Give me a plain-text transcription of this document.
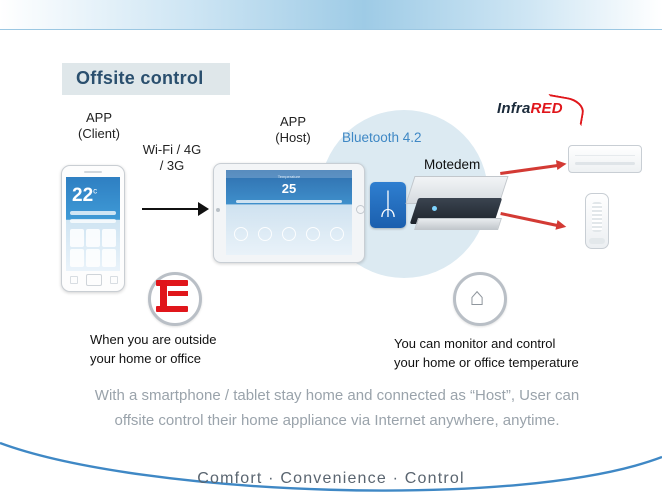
Offsite control
APP
(Client)
APP
(Host)
Wi-Fi / 4G
/ 3G
Bluetooth 4.2
Motedem
InfraRED
22$^c$
Temperature
25	ᛦ
⌂
When you are outside
your home or office
You can monitor and control
your home or office temperature
With a smartphone / tablet stay home and connected as “Host”, User can
offsite control their home appliance via Internet anywhere, anytime.
Comfort · Convenience · Control
